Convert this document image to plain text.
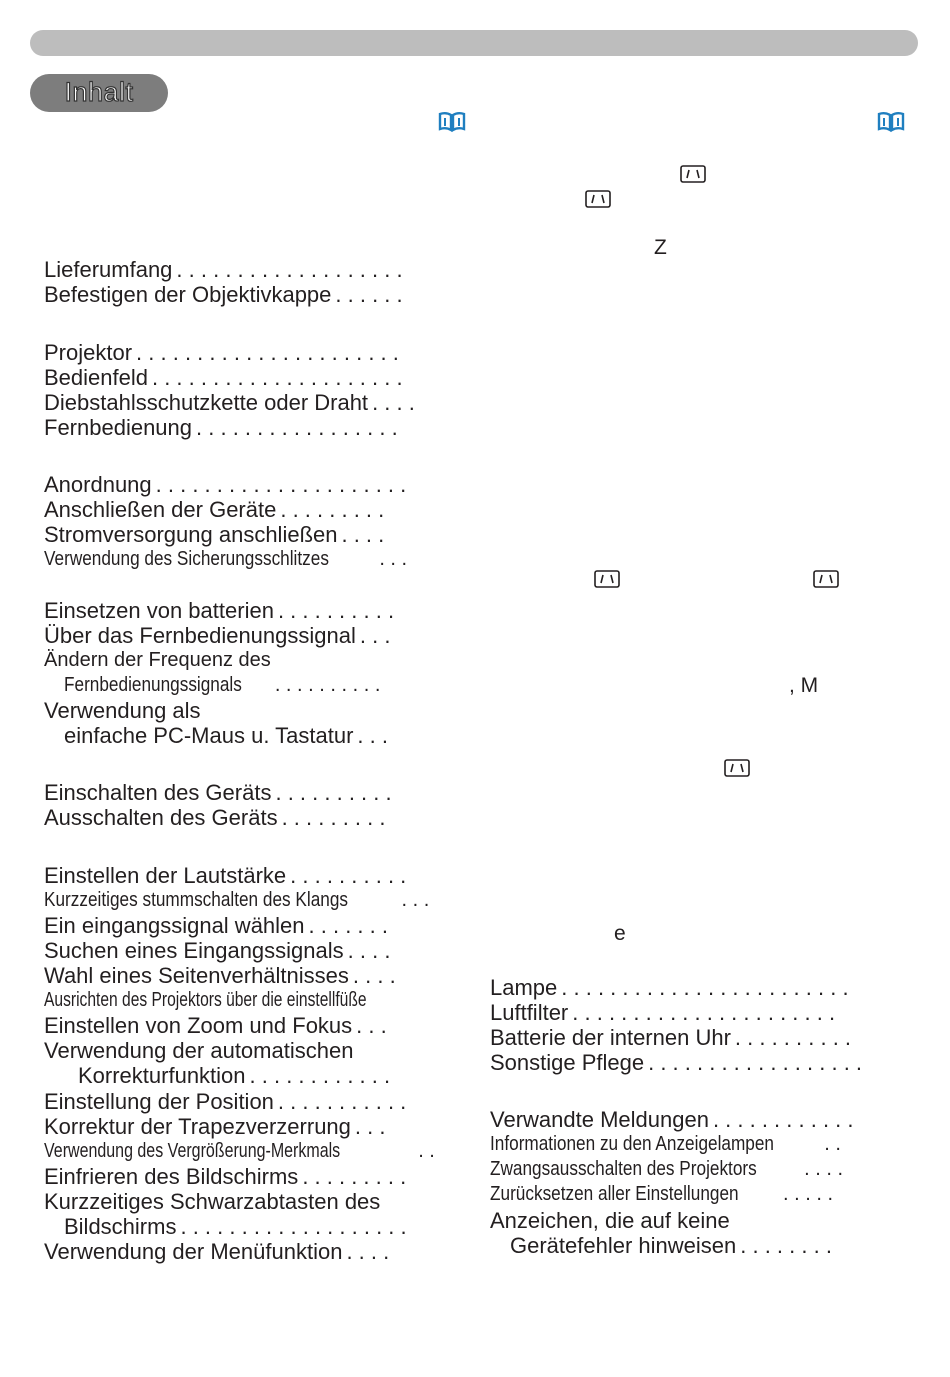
Inhalt
Z
, M
e
Lieferumfang . . . . . . . . . . . . . . . . . . .
Befestigen der Objektivkappe . . . . . .
Projektor . . . . . . . . . . . . . . . . . . . . . .
Bedienfeld . . . . . . . . . . . . . . . . . . . . .
Diebstahlsschutzkette oder Draht . . . .
Fernbedienung . . . . . . . . . . . . . . . . .
Anordnung . . . . . . . . . . . . . . . . . . . . .
Anschließen der Geräte . . . . . . . . .
Stromversorgung anschließen . . . .
Verwendung des Sicherungsschlitzes	. . .
Einsetzen von batterien . . . . . . . . . .
Über das Fernbedienungssignal . . .
Ändern der Frequenz des
Fernbedienungssignals . . . . . . . . . .
Verwendung als
einfache PC-Maus u. Tastatur . . .
Einschalten des Geräts . . . . . . . . . .
Ausschalten des Geräts . . . . . . . . .
Einstellen der Lautstärke . . . . . . . . . .
Kurzzeitiges stummschalten des Klangs	. . .
Ein eingangssignal wählen . . . . . . .
Suchen eines Eingangssignals . . . .
Wahl eines Seitenverhältnisses . . . .
Ausrichten des Projektors über die einstellfüße
Einstellen von Zoom und Fokus . . .
Verwendung der automatischen
Korrekturfunktion . . . . . . . . . . . .
Einstellung der Position . . . . . . . . . . .
Korrektur der Trapezverzerrung . . .
Verwendung des Vergrößerung-Merkmals	. .
Einfrieren des Bildschirms . . . . . . . . .
Kurzzeitiges Schwarzabtasten des
Bildschirms . . . . . . . . . . . . . . . . . . .
Verwendung der Menüfunktion . . . .
Lampe . . . . . . . . . . . . . . . . . . . . . . . .
Luftfilter . . . . . . . . . . . . . . . . . . . . . .
Batterie der internen Uhr . . . . . . . . . .
Sonstige Pflege . . . . . . . . . . . . . . . . . .
Verwandte Meldungen . . . . . . . . . . . .
Informationen zu den Anzeigelampen	. .
Zwangsausschalten des Projektors . . . .
Zurücksetzen aller Einstellungen . . . . .
Anzeichen, die auf keine
Gerätefehler hinweisen . . . . . . . .
